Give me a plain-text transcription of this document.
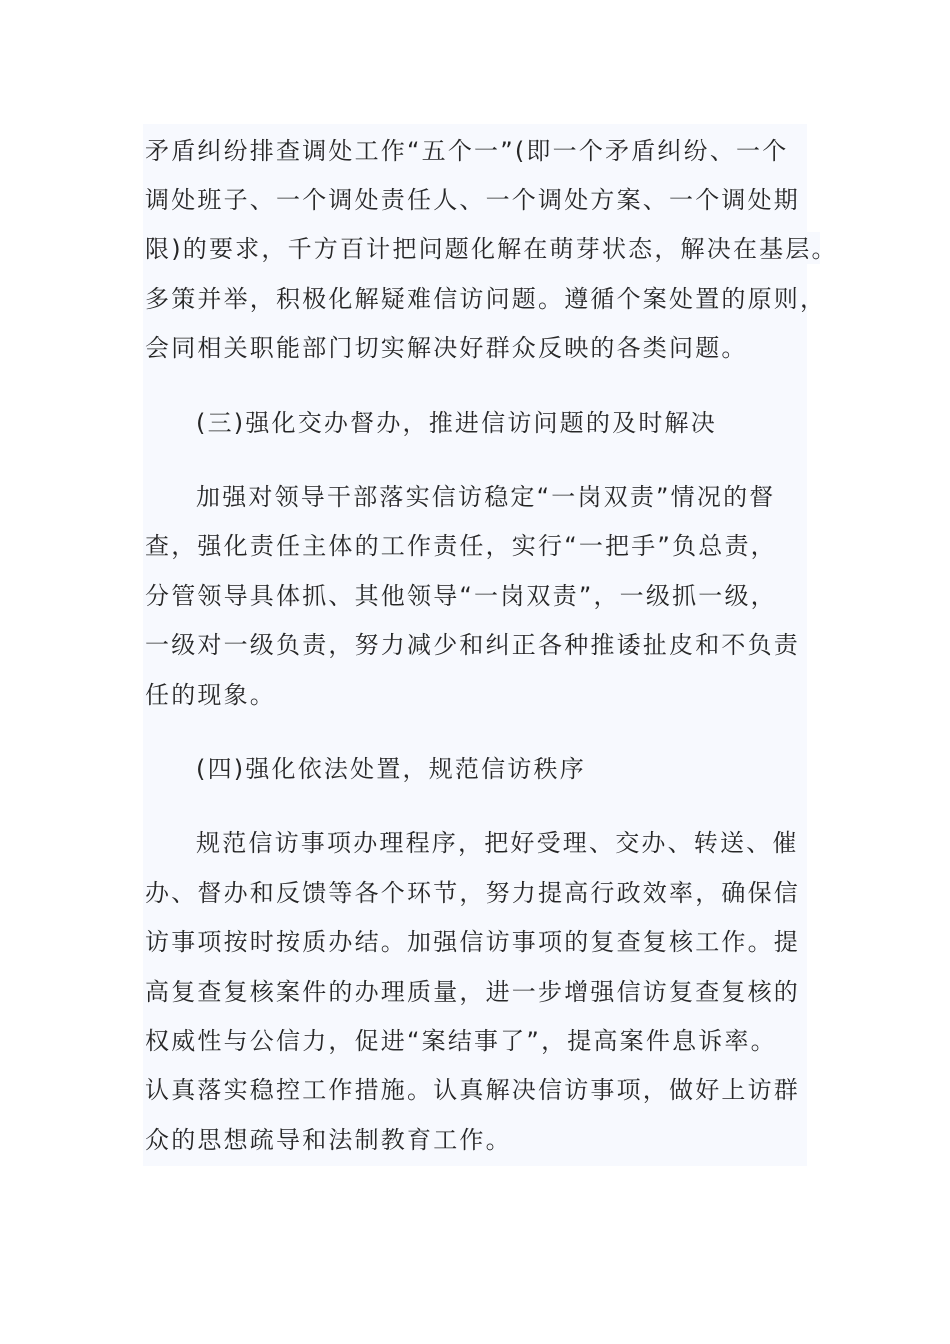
矛盾纠纷排查调处工作“五个一”(即一个矛盾纠纷、一个
调处班子、一个调处责任人、一个调处方案、一个调处期
限)的要求，千方百计把问题化解在萌芽状态，解决在基层。
多策并举，积极化解疑难信访问题。遵循个案处置的原则，
会同相关职能部门切实解决好群众反映的各类问题。
(三)强化交办督办，推进信访问题的及时解决
加强对领导干部落实信访稳定“一岗双责”情况的督
查，强化责任主体的工作责任，实行“一把手”负总责，
分管领导具体抓、其他领导“一岗双责”，一级抓一级，
一级对一级负责，努力减少和纠正各种推诿扯皮和不负责
任的现象。
(四)强化依法处置，规范信访秩序
规范信访事项办理程序，把好受理、交办、转送、催
办、督办和反馈等各个环节，努力提高行政效率，确保信
访事项按时按质办结。加强信访事项的复查复核工作。提
高复查复核案件的办理质量，进一步增强信访复查复核的
权威性与公信力，促进“案结事了”，提高案件息诉率。
认真落实稳控工作措施。认真解决信访事项，做好上访群
众的思想疏导和法制教育工作。
